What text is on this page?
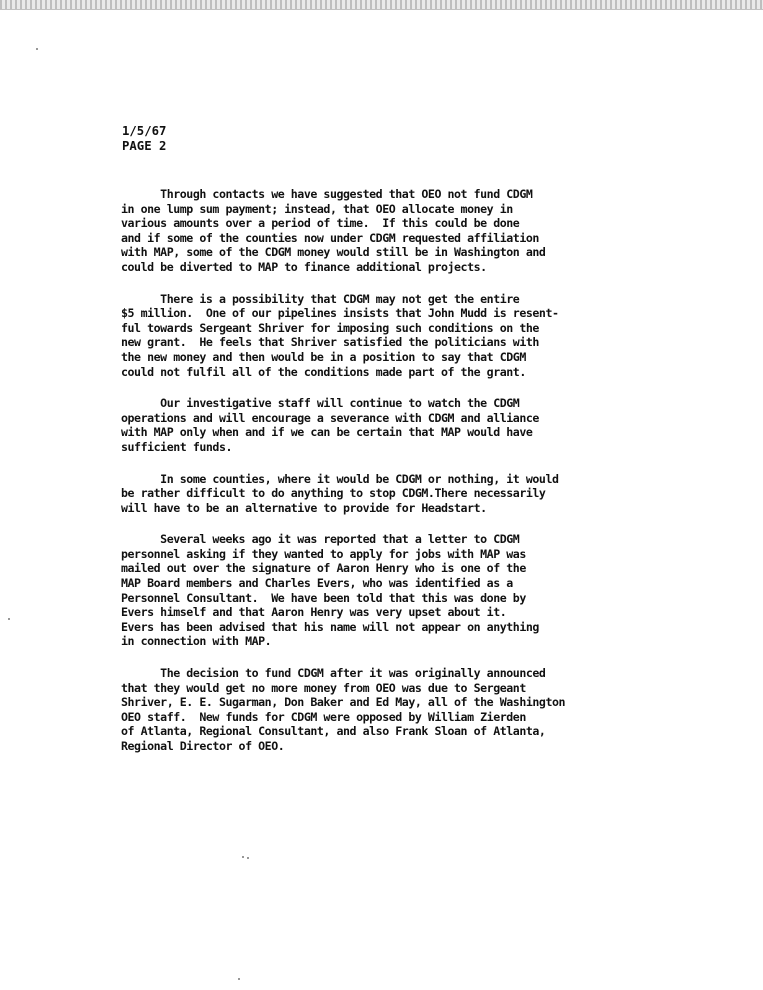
1/5/67
PAGE 2
Through contacts we have suggested that OEO not fund CDGM
in one lump sum payment; instead, that OEO allocate money in
various amounts over a period of time.  If this could be done
and if some of the counties now under CDGM requested affiliation
with MAP, some of the CDGM money would still be in Washington and
could be diverted to MAP to finance additional projects.
There is a possibility that CDGM may not get the entire
$5 million.  One of our pipelines insists that John Mudd is resent-
ful towards Sergeant Shriver for imposing such conditions on the
new grant.  He feels that Shriver satisfied the politicians with
the new money and then would be in a position to say that CDGM
could not fulfil all of the conditions made part of the grant.
Our investigative staff will continue to watch the CDGM
operations and will encourage a severance with CDGM and alliance
with MAP only when and if we can be certain that MAP would have
sufficient funds.
In some counties, where it would be CDGM or nothing, it would
be rather difficult to do anything to stop CDGM.There necessarily
will have to be an alternative to provide for Headstart.
Several weeks ago it was reported that a letter to CDGM
personnel asking if they wanted to apply for jobs with MAP was
mailed out over the signature of Aaron Henry who is one of the
MAP Board members and Charles Evers, who was identified as a
Personnel Consultant.  We have been told that this was done by
Evers himself and that Aaron Henry was very upset about it.
Evers has been advised that his name will not appear on anything
in connection with MAP.
The decision to fund CDGM after it was originally announced
that they would get no more money from OEO was due to Sergeant
Shriver, E. E. Sugarman, Don Baker and Ed May, all of the Washington
OEO staff.  New funds for CDGM were opposed by William Zierden
of Atlanta, Regional Consultant, and also Frank Sloan of Atlanta,
Regional Director of OEO.
